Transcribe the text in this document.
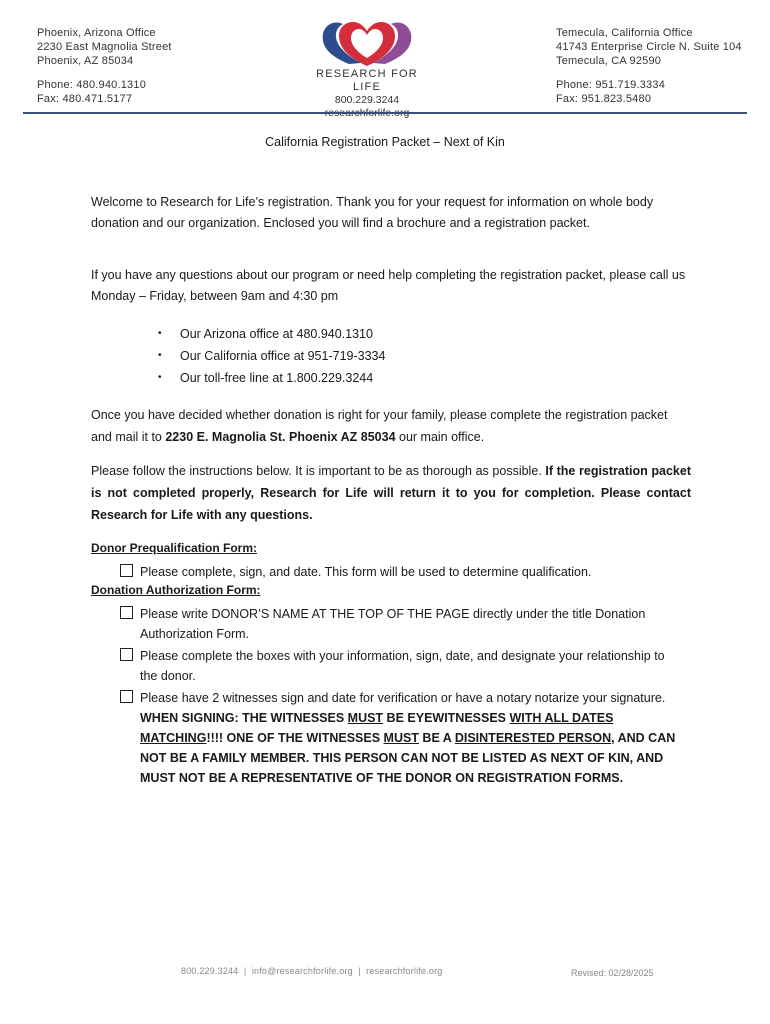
Phoenix, Arizona Office
2230 East Magnolia Street
Phoenix, AZ 85034
Phone: 480.940.1310
Fax: 480.471.5177
RESEARCH FOR LIFE
800.229.3244
Temecula, California Office
41743 Enterprise Circle N. Suite 104
Temecula, CA 92590
Phone: 951.719.3334
Fax: 951.823.5480
California Registration Packet – Next of Kin
Welcome to Research for Life’s registration. Thank you for your request for information on whole body donation and our organization. Enclosed you will find a brochure and a registration packet.
If you have any questions about our program or need help completing the registration packet, please call us Monday – Friday, between 9am and 4:30 pm
• Our Arizona office at 480.940.1310
• Our California office at 951-719-3334
• Our toll-free line at 1.800.229.3244
Once you have decided whether donation is right for your family, please complete the registration packet and mail it to 2230 E. Magnolia St. Phoenix AZ 85034 our main office.
Please follow the instructions below. It is important to be as thorough as possible. If the registration packet is not completed properly, Research for Life will return it to you for completion. Please contact Research for Life with any questions.
Donor Prequalification Form:
Please complete, sign, and date. This form will be used to determine qualification.
Donation Authorization Form:
Please write DONOR’S NAME AT THE TOP OF THE PAGE directly under the title Donation Authorization Form.
Please complete the boxes with your information, sign, date, and designate your relationship to the donor.
Please have 2 witnesses sign and date for verification or have a notary notarize your signature. WHEN SIGNING: THE WITNESSES MUST BE EYEWITNESSES WITH ALL DATES MATCHING!!!! ONE OF THE WITNESSES MUST BE A DISINTERESTED PERSON, AND CAN NOT BE A FAMILY MEMBER. THIS PERSON CAN NOT BE LISTED AS NEXT OF KIN, AND MUST NOT BE A REPRESENTATIVE OF THE DONOR ON REGISTRATION FORMS.
800.229.3244 | info@researchforlife.org | researchforlife.org	Revised: 02/28/2025
